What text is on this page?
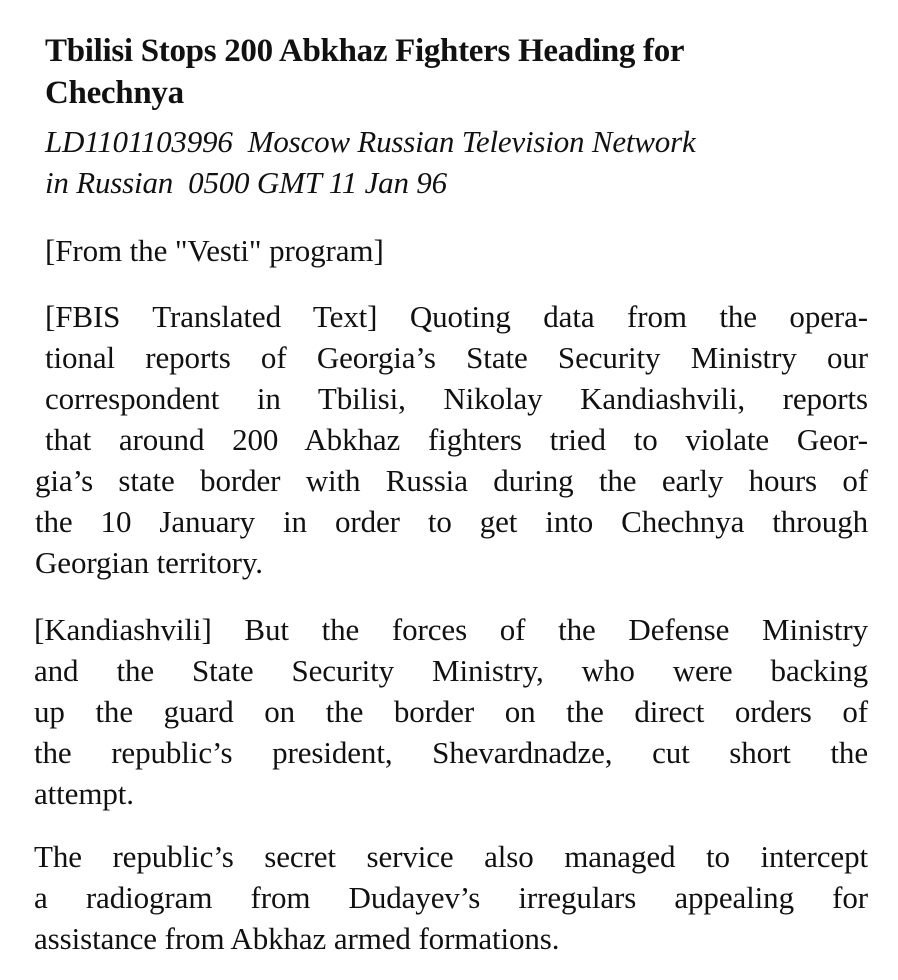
Tbilisi Stops 200 Abkhaz Fighters Heading for
Chechnya
LD1101103996  Moscow Russian Television Network
in Russian  0500 GMT 11 Jan 96
[From the "Vesti" program]
[FBIS Translated Text] Quoting data from the opera-
tional reports of Georgia’s State Security Ministry our
correspondent in Tbilisi, Nikolay Kandiashvili, reports
that around 200 Abkhaz fighters tried to violate Geor-
gia’s state border with Russia during the early hours of
the 10 January in order to get into Chechnya through
Georgian territory.
[Kandiashvili] But the forces of the Defense Ministry
and the State Security Ministry, who were backing
up the guard on the border on the direct orders of
the republic’s president, Shevardnadze, cut short the
attempt.
The republic’s secret service also managed to intercept
a radiogram from Dudayev’s irregulars appealing for
assistance from Abkhaz armed formations.
